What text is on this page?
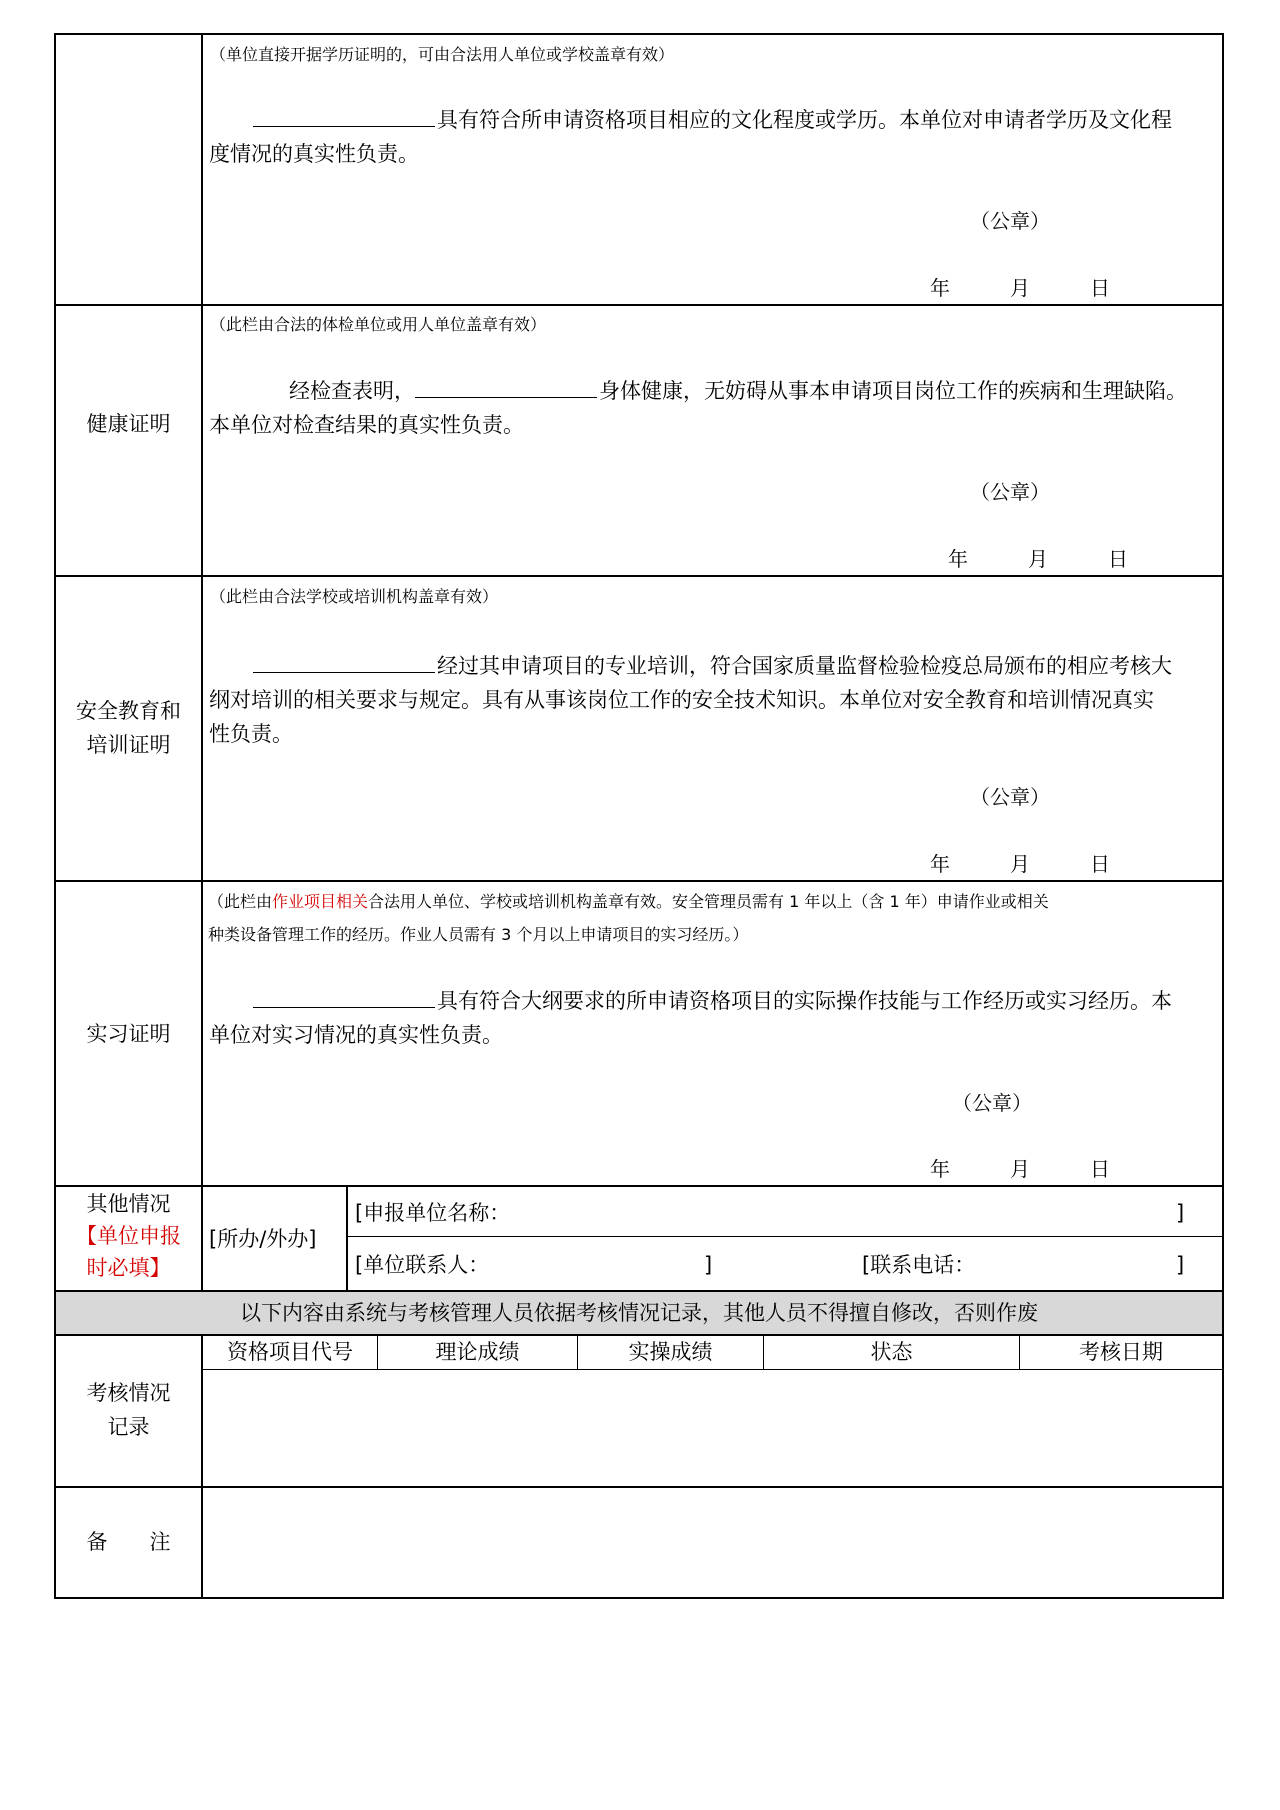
（单位直接开据学历证明的，可由合法用人单位或学校盖章有效）
具有符合所申请资格项目相应的文化程度或学历。本单位对申请者学历及文化程
度情况的真实性负责。
（公章）
年	月	日
健康证明
（此栏由合法的体检单位或用人单位盖章有效）
经检查表明，	身体健康，无妨碍从事本申请项目岗位工作的疾病和生理缺陷。
本单位对检查结果的真实性负责。
（公章）
年	月	日
安全教育和
培训证明
（此栏由合法学校或培训机构盖章有效）
经过其申请项目的专业培训，符合国家质量监督检验检疫总局颁布的相应考核大
纲对培训的相关要求与规定。具有从事该岗位工作的安全技术知识。本单位对安全教育和培训情况真实
性负责。
（公章）
年	月	日
实习证明
（此栏由作业项目相关合法用人单位、学校或培训机构盖章有效。安全管理员需有 1 年以上（含 1 年）申请作业或相关
种类设备管理工作的经历。作业人员需有 3 个月以上申请项目的实习经历。）
具有符合大纲要求的所申请资格项目的实际操作技能与工作经历或实习经历。本
单位对实习情况的真实性负责。
（公章）
年	月	日
其他情况
【单位申报
时必填】
[所办/外办]
[申报单位名称：	]
[单位联系人：	]	[联系电话：	]
以下内容由系统与考核管理人员依据考核情况记录，其他人员不得擅自修改，否则作废
考核情况
记录
资格项目代号	理论成绩	实操成绩	状态	考核日期
备　　注
